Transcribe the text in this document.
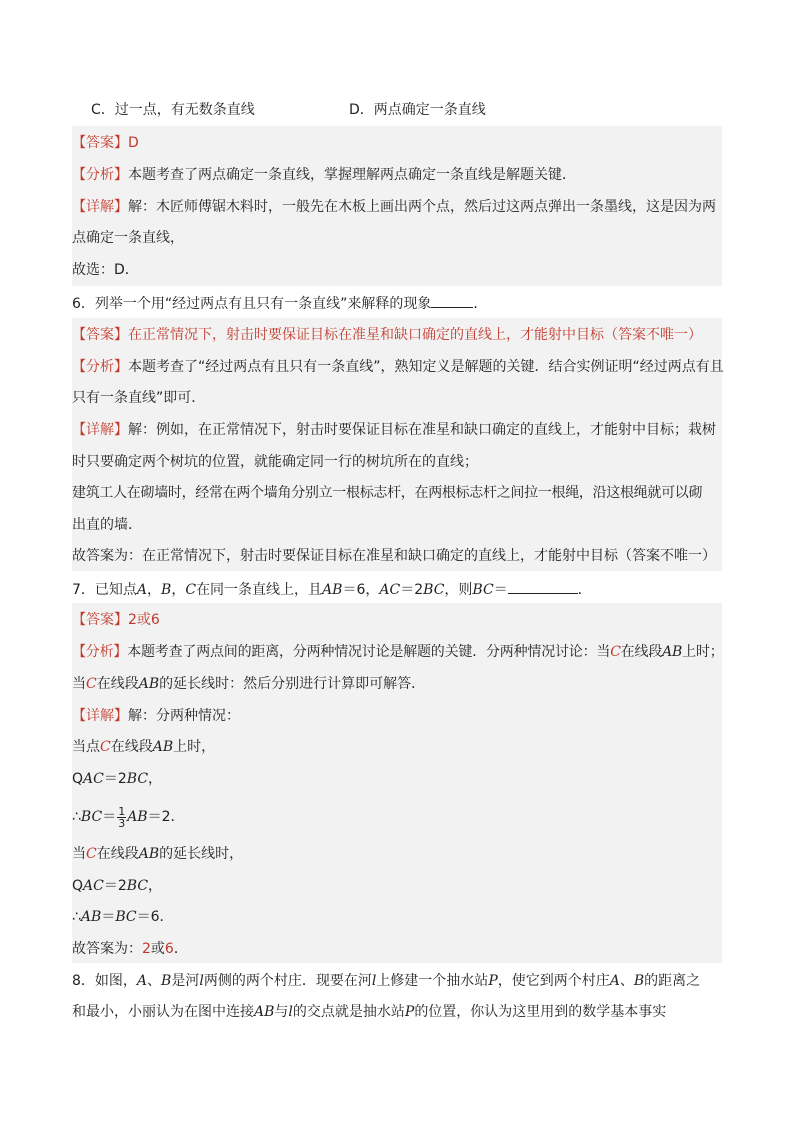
C．过一点，有无数条直线	D．两点确定一条直线
【答案】D
【分析】本题考查了两点确定一条直线，掌握理解两点确定一条直线是解题关键．
【详解】解：木匠师傅锯木料时，一般先在木板上画出两个点，然后过这两点弹出一条墨线，这是因为两
点确定一条直线，
故选：D．
6．列举一个用“经过两点有且只有一条直线”来解释的现象	．
【答案】在正常情况下，射击时要保证目标在准星和缺口确定的直线上，才能射中目标（答案不唯一）
【分析】本题考查了“经过两点有且只有一条直线”，熟知定义是解题的关键．结合实例证明“经过两点有且
只有一条直线”即可．
【详解】解：例如，在正常情况下，射击时要保证目标在准星和缺口确定的直线上，才能射中目标；栽树
时只要确定两个树坑的位置，就能确定同一行的树坑所在的直线；
建筑工人在砌墙时，经常在两个墙角分别立一根标志杆，在两根标志杆之间拉一根绳，沿这根绳就可以砌
出直的墙．
故答案为：在正常情况下，射击时要保证目标在准星和缺口确定的直线上，才能射中目标（答案不唯一）
7．已知点A，B，C在同一条直线上，且AB＝6，AC＝2BC，则BC＝	．
【答案】2或6
【分析】本题考查了两点间的距离，分两种情况讨论是解题的关键．分两种情况讨论：当C在线段AB上时；
当C在线段AB的延长线时：然后分别进行计算即可解答．
【详解】解：分两种情况：
当点C在线段AB上时，
QAC＝2BC，
∴BC＝ $\frac{1}{3} AB=2$．
当C在线段AB的延长线时，
QAC＝2BC，
∴AB＝BC＝6．
故答案为：2或6．
8．如图，A、B是河l两侧的两个村庄．现要在河l上修建一个抽水站P，使它到两个村庄A、B的距离之
和最小，小丽认为在图中连接AB与l的交点就是抽水站P的位置，你认为这里用到的数学基本事实
